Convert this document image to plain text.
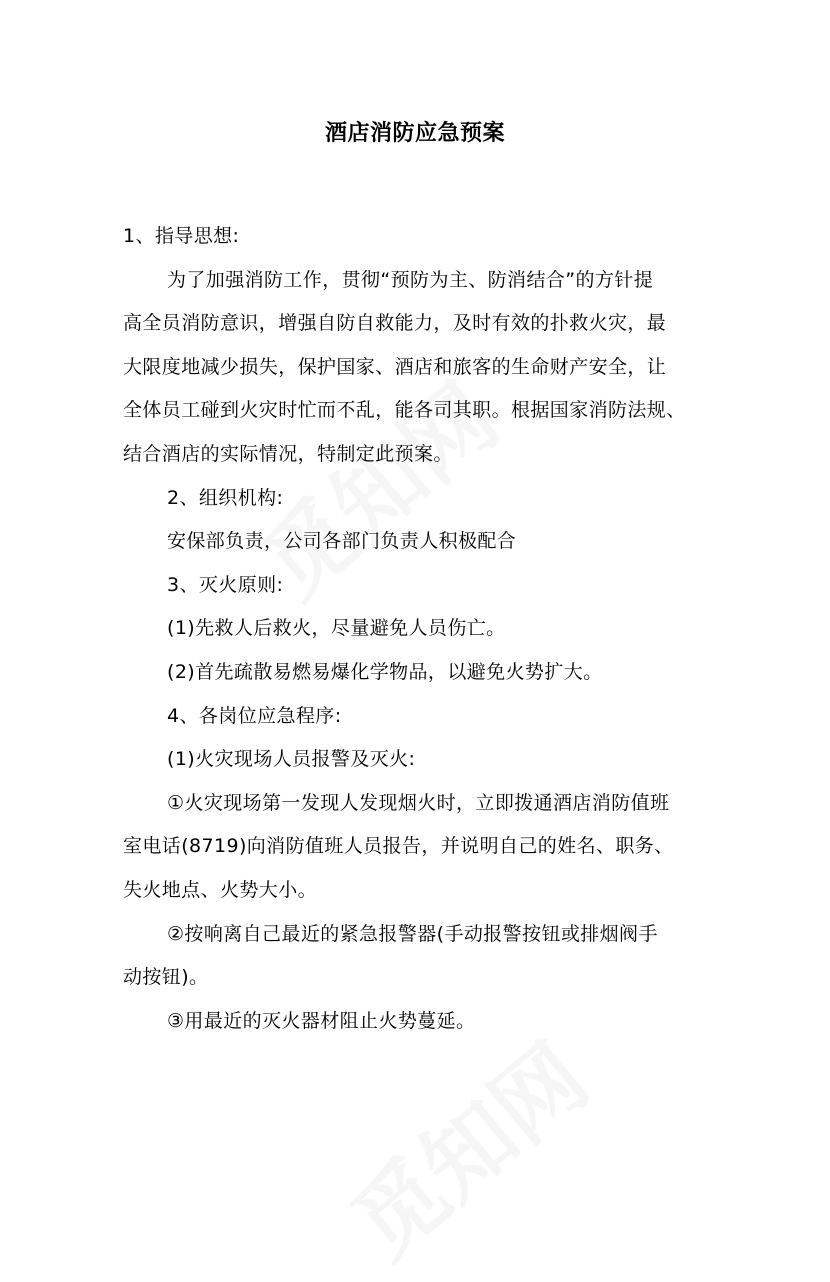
酒店消防应急预案
1、指导思想:
为了加强消防工作，贯彻“预防为主、防消结合”的方针提
高全员消防意识，增强自防自救能力，及时有效的扑救火灾，最
大限度地减少损失，保护国家、酒店和旅客的生命财产安全，让
全体员工碰到火灾时忙而不乱，能各司其职。根据国家消防法规、
结合酒店的实际情况，特制定此预案。
2、组织机构:
安保部负责，公司各部门负责人积极配合
3、灭火原则:
(1)先救人后救火，尽量避免人员伤亡。
(2)首先疏散易燃易爆化学物品，以避免火势扩大。
4、各岗位应急程序:
(1)火灾现场人员报警及灭火:
①火灾现场第一发现人发现烟火时，立即拨通酒店消防值班
室电话(8719)向消防值班人员报告，并说明自己的姓名、职务、
失火地点、火势大小。
②按响离自己最近的紧急报警器(手动报警按钮或排烟阀手
动按钮)。
③用最近的灭火器材阻止火势蔓延。
